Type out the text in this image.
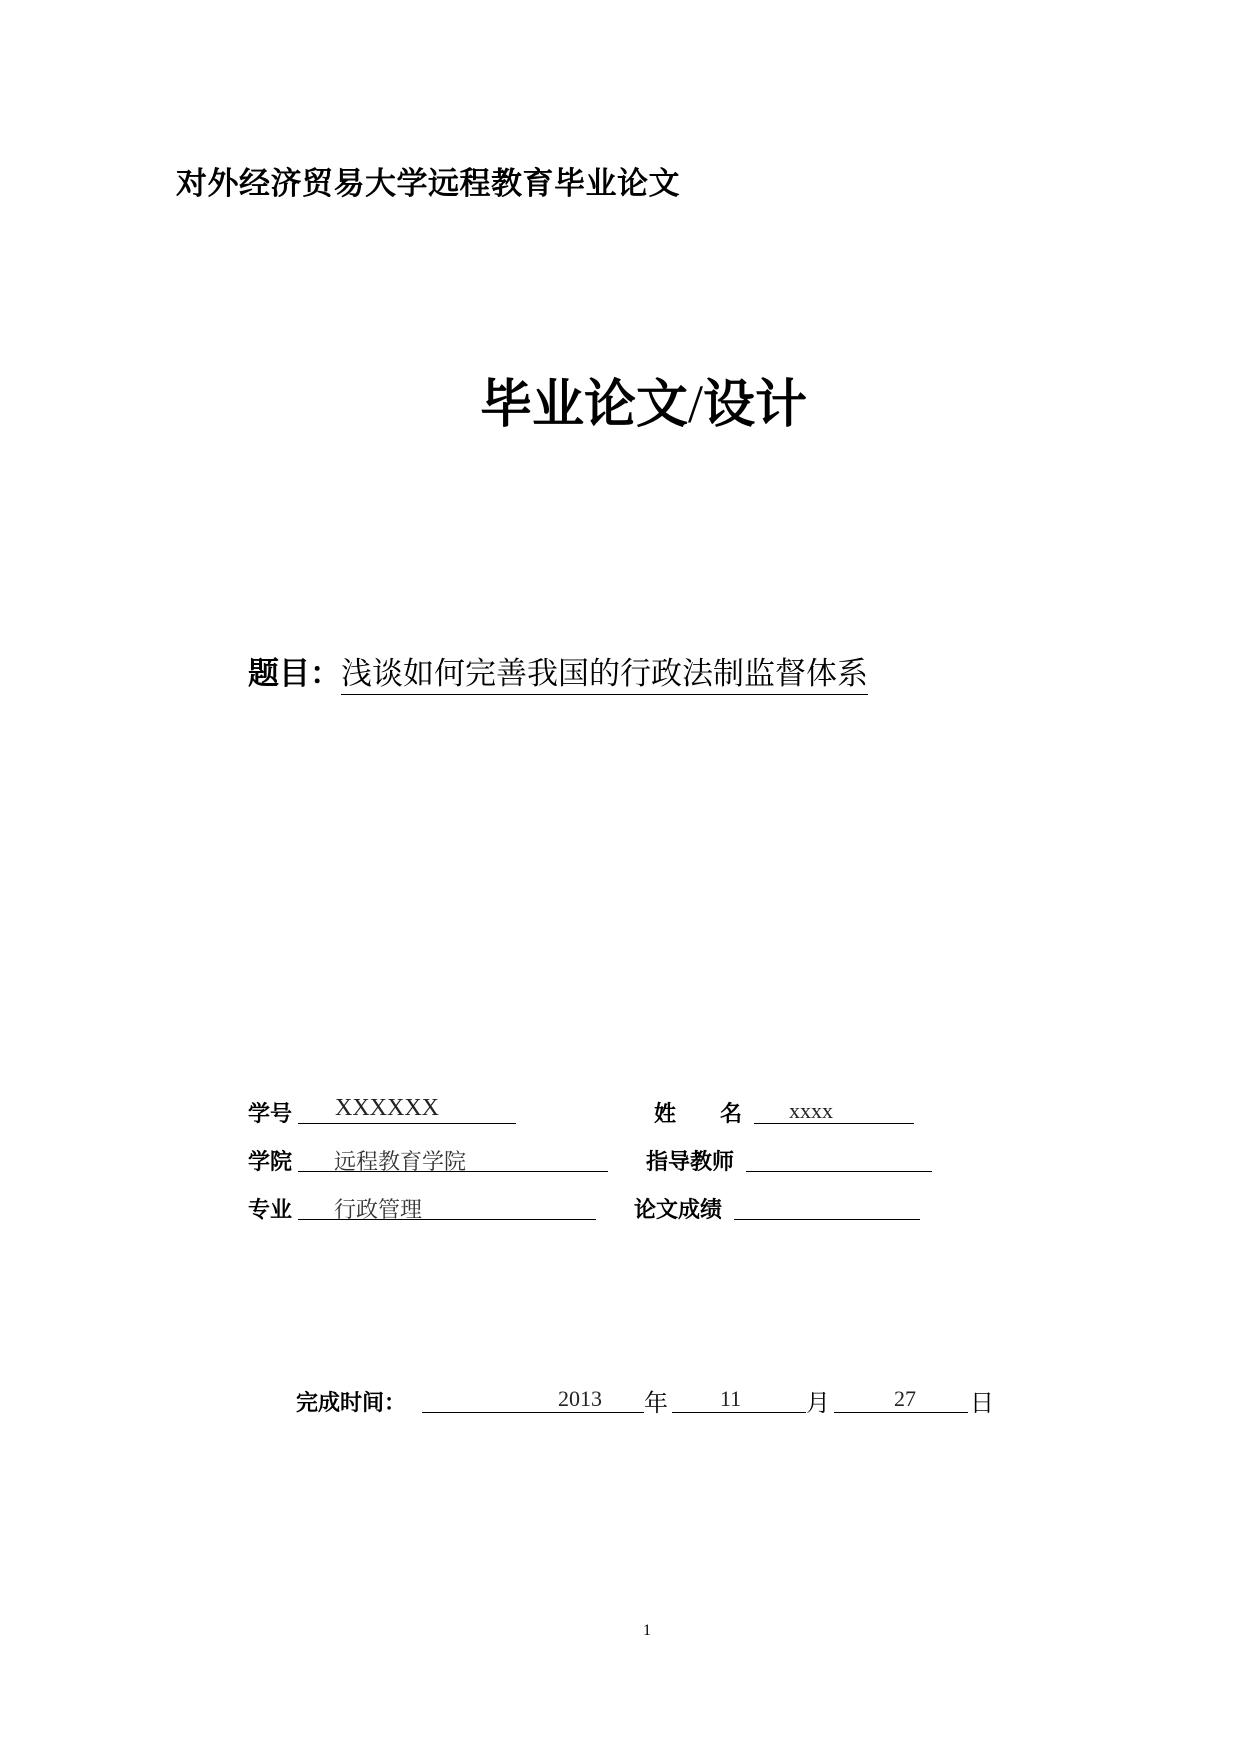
对外经济贸易大学远程教育毕业论文
毕业论文/设计
题目：浅谈如何完善我国的行政法制监督体系
学号 XXXXXX	姓　　名 xxxx
学院 远程教育学院	指导教师
专业 行政管理	论文成绩
完成时间：	2013 年 11	月	27 日
1
